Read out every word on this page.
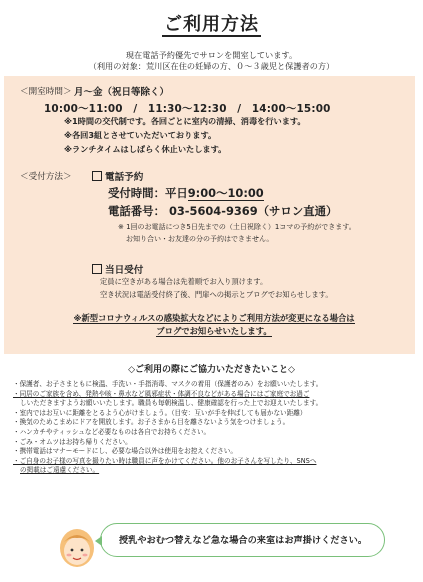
ご利用方法
現在電話予約優先でサロンを開室しています。
（利用の対象：荒川区在住の妊婦の方、０～３歳児と保護者の方）
＜開室時間＞ 月～金（祝日等除く）
10:00～11:00　/　11:30～12:30　/　14:00～15:00
※1時間の交代制です。各回ごとに室内の清掃、消毒を行います。
※各回3組とさせていただいております。
※ランチタイムはしばらく休止いたします。
＜受付方法＞	電話予約
受付時間：平日9:00～10:00
電話番号： 03-5604-9369（サロン直通）
※ 1回のお電話につき5日先までの（土日祝除く）1コマの予約ができます。
お知り合い・お友達の分の予約はできません。
当日受付
定員に空きがある場合は先着順でお入り頂けます。
空き状況は電話受付終了後、門扉への掲示とブログでお知らせします。
※新型コロナウィルスの感染拡大などによりご利用方法が変更になる場合は
ブログでお知らせいたします。
◇ご利用の際にご協力いただきたいこと◇
・保護者、お子さまともに検温、手洗い・手指消毒、マスクの着用（保護者のみ）をお願いいたします。
・同居のご家族を含め、発熱や咳・鼻水など風邪症状・体調不良などがある場合にはご家庭でお過ご
しいただきますようお願いいたします。職員も毎朝検温し、健康確認を行った上でお迎えいたします。
・室内ではお互いに距離をとるよう心がけましょう。（目安：互いが手を伸ばしても届かない距離）
・換気のためこまめにドアを開放します。お子さまから目を離さないよう気をつけましょう。
・ハンカチやティッシュなど必要なものは各自でお持ちください。
・ごみ・オムツはお持ち帰りください。
・携帯電話はマナーモードにし、必要な場合以外は使用をお控えください。
・ご自身のお子様の写真を撮りたい時は職員に声をかけてください。他のお子さんを写したり、SNSへ
の掲載はご遠慮ください。
授乳やおむつ替えなど急な場合の来室はお声掛けください。
